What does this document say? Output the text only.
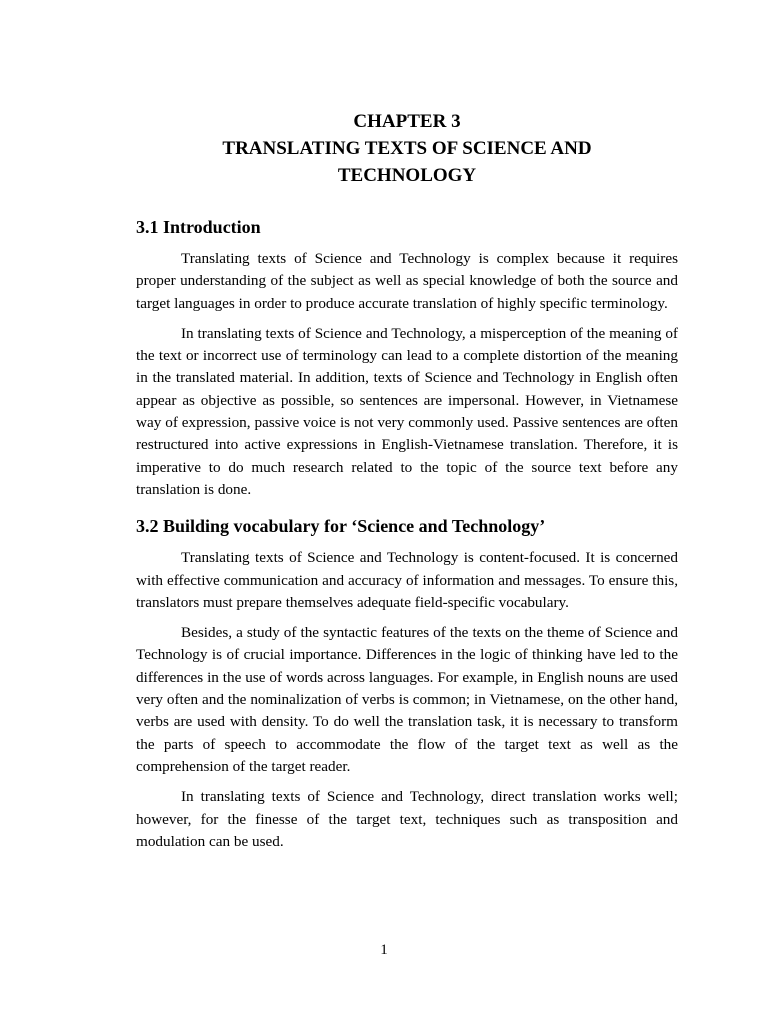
CHAPTER 3
TRANSLATING TEXTS OF SCIENCE AND
TECHNOLOGY
3.1 Introduction

Translating texts of Science and Technology is complex because it requires proper understanding of the subject as well as special knowledge of both the source and target languages in order to produce accurate translation of highly specific terminology.

In translating texts of Science and Technology, a misperception of the meaning of the text or incorrect use of terminology can lead to a complete distortion of the meaning in the translated material. In addition, texts of Science and Technology in English often appear as objective as possible, so sentences are impersonal. However, in Vietnamese way of expression, passive voice is not very commonly used. Passive sentences are often restructured into active expressions in English-Vietnamese translation. Therefore, it is imperative to do much research related to the topic of the source text before any translation is done.

3.2 Building vocabulary for ‘Science and Technology’

Translating texts of Science and Technology is content-focused. It is concerned with effective communication and accuracy of information and messages. To ensure this, translators must prepare themselves adequate field-specific vocabulary.

Besides, a study of the syntactic features of the texts on the theme of Science and Technology is of crucial importance. Differences in the logic of thinking have led to the differences in the use of words across languages. For example, in English nouns are used very often and the nominalization of verbs is common; in Vietnamese, on the other hand, verbs are used with density. To do well the translation task, it is necessary to transform the parts of speech to accommodate the flow of the target text as well as the comprehension of the target reader.

In translating texts of Science and Technology, direct translation works well; however, for the finesse of the target text, techniques such as transposition and modulation can be used.

1
